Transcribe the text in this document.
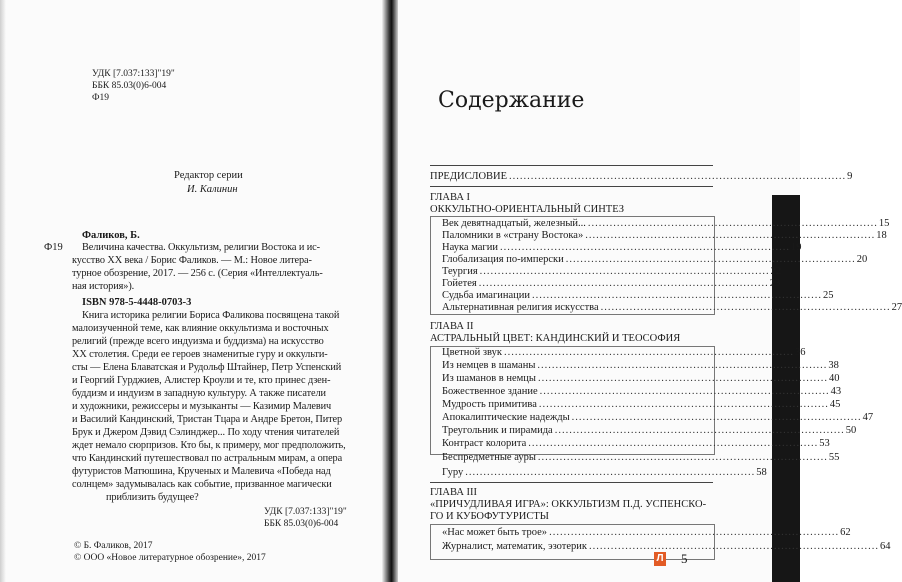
УДК [7.037:133]"19"
ББК 85.03(0)6-004
Ф19
Редактор серии
И. Калинин
Фаликов, Б.
Ф19 Величина качества. Оккультизм, религии Востока и ис-
кусство XX века / Борис Фаликов. — М.: Новое литера-
турное обозрение, 2017. — 256 с. (Серия «Интеллектуаль-
ная история»).
ISBN 978-5-4448-0703-3
Книга историка религии Бориса Фаликова посвящена такой
малоизученной теме, как влияние оккультизма и восточных
религий (прежде всего индуизма и буддизма) на искусство
XX столетия. Среди ее героев знаменитые гуру и оккульти-
сты — Елена Блаватская и Рудольф Штайнер, Петр Успенский
и Георгий Гурджиев, Алистер Кроули и те, кто принес дзен-
буддизм и индуизм в западную культуру. А также писатели
и художники, режиссеры и музыканты — Казимир Малевич
и Василий Кандинский, Тристан Тцара и Андре Бретон, Питер
Брук и Джером Дэвид Сэлинджер... По ходу чтения читателей
ждет немало сюрпризов. Кто бы, к примеру, мог предположить,
что Кандинский путешествовал по астральным мирам, а опера
футуристов Матюшина, Крученых и Малевича «Победа над
солнцем» задумывалась как событие, призванное магически
приблизить будущее?
УДК [7.037:133]"19"
ББК 85.03(0)6-004
© Б. Фаликов, 2017
© ООО «Новое литературное обозрение», 2017
Содержание
ПРЕДИСЛОВИЕ ............................................................................................. 9
ГЛАВА I
ОККУЛЬТНО-ОРИЕНТАЛЬНЫЙ СИНТЕЗ
Век девятнадцатый, железный... ................................................................................ 15
Паломники в «страну Востока» ................................................................................ 18
Наука магии ................................................................................ 19
Глобализация по-имперски ................................................................................ 20
Теургия ................................................................................ 22
Гойетея ................................................................................ 23
Судьба имагинации ................................................................................ 25
Альтернативная религия искусства ................................................................................ 27
ГЛАВА II
АСТРАЛЬНЫЙ ЦВЕТ: КАНДИНСКИЙ И ТЕОСОФИЯ
Цветной звук ................................................................................ 36
Из немцев в шаманы ................................................................................ 38
Из шаманов в немцы ................................................................................ 40
Божественное здание ................................................................................ 43
Мудрость примитива ................................................................................ 45
Апокалиптические надежды ................................................................................ 47
Треугольник и пирамида ................................................................................ 50
Контраст колорита ................................................................................ 53
Беспредметные ауры ................................................................................ 55
Гуру ................................................................................ 58
ГЛАВА III
«ПРИЧУДЛИВАЯ ИГРА»: ОККУЛЬТИЗМ П.Д. УСПЕНСКО-
ГО И КУБОФУТУРИСТЫ
«Нас может быть трое» ................................................................................ 62
Журналист, математик, эзотерик ................................................................................ 64
Л 5
